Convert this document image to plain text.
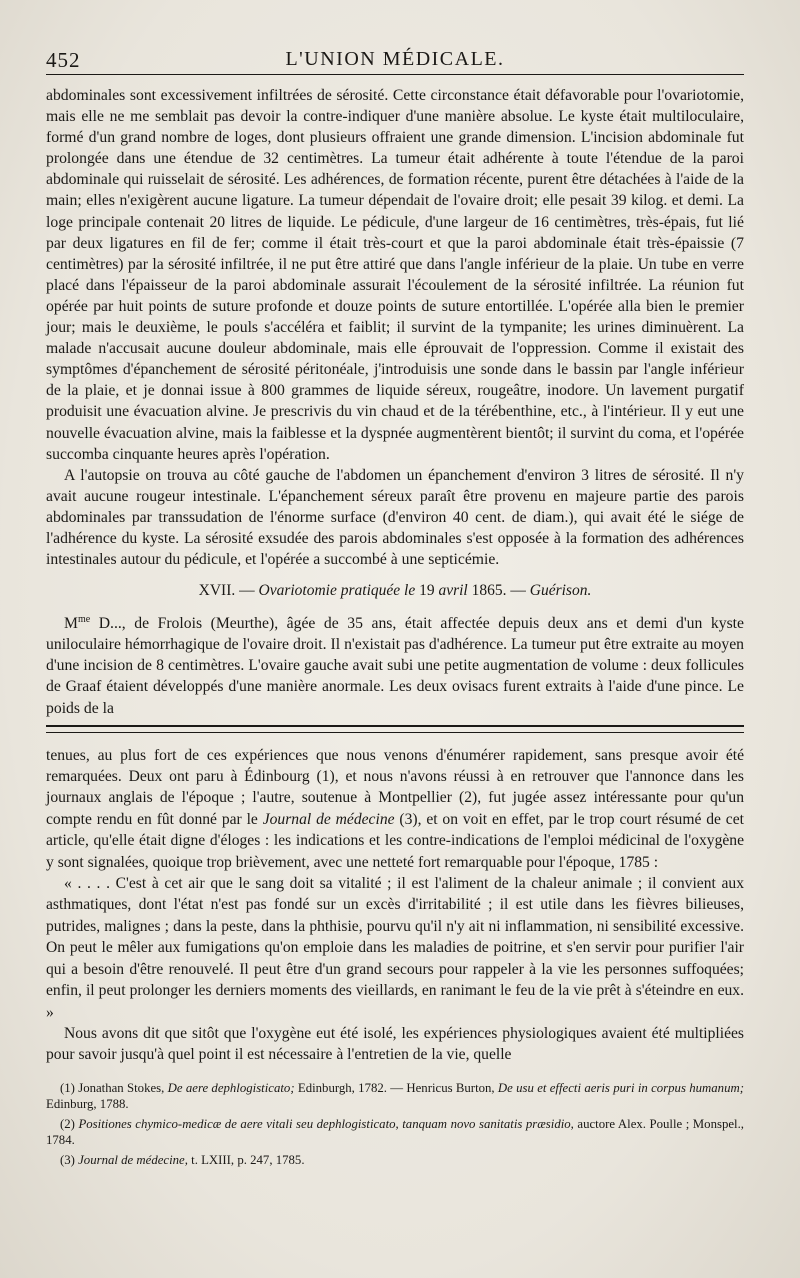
452	L'UNION MÉDICALE.

abdominales sont excessivement infiltrées de sérosité. Cette circonstance était défavorable pour l'ovariotomie, mais elle ne me semblait pas devoir la contre-indiquer d'une manière absolue. Le kyste était multiloculaire, formé d'un grand nombre de loges, dont plusieurs offraient une grande dimension. L'incision abdominale fut prolongée dans une étendue de 32 centimètres. La tumeur était adhérente à toute l'étendue de la paroi abdominale qui ruisselait de sérosité. Les adhérences, de formation récente, purent être détachées à l'aide de la main; elles n'exigèrent aucune ligature. La tumeur dépendait de l'ovaire droit; elle pesait 39 kilog. et demi. La loge principale contenait 20 litres de liquide. Le pédicule, d'une largeur de 16 centimètres, très-épais, fut lié par deux ligatures en fil de fer; comme il était très-court et que la paroi abdominale était très-épaissie (7 centimètres) par la sérosité infiltrée, il ne put être attiré que dans l'angle inférieur de la plaie. Un tube en verre placé dans l'épaisseur de la paroi abdominale assurait l'écoulement de la sérosité infiltrée. La réunion fut opérée par huit points de suture profonde et douze points de suture entortillée. L'opérée alla bien le premier jour; mais le deuxième, le pouls s'accéléra et faiblit; il survint de la tympanite; les urines diminuèrent. La malade n'accusait aucune douleur abdominale, mais elle éprouvait de l'oppression. Comme il existait des symptômes d'épanchement de sérosité péritonéale, j'introduisis une sonde dans le bassin par l'angle inférieur de la plaie, et je donnai issue à 800 grammes de liquide séreux, rougeâtre, inodore. Un lavement purgatif produisit une évacuation alvine. Je prescrivis du vin chaud et de la térébenthine, etc., à l'intérieur. Il y eut une nouvelle évacuation alvine, mais la faiblesse et la dyspnée augmentèrent bientôt; il survint du coma, et l'opérée succomba cinquante heures après l'opération.

A l'autopsie on trouva au côté gauche de l'abdomen un épanchement d'environ 3 litres de sérosité. Il n'y avait aucune rougeur intestinale. L'épanchement séreux paraît être provenu en majeure partie des parois abdominales par transsudation de l'énorme surface (d'environ 40 cent. de diam.), qui avait été le siége de l'adhérence du kyste. La sérosité exsudée des parois abdominales s'est opposée à la formation des adhérences intestinales autour du pédicule, et l'opérée a succombé à une septicémie.

XVII. — Ovariotomie pratiquée le 19 avril 1865. — Guérison.

$M^{me}$ D..., de Frolois (Meurthe), âgée de 35 ans, était affectée depuis deux ans et demi d'un kyste uniloculaire hémorrhagique de l'ovaire droit. Il n'existait pas d'adhérence. La tumeur put être extraite au moyen d'une incision de 8 centimètres. L'ovaire gauche avait subi une petite augmentation de volume : deux follicules de Graaf étaient développés d'une manière anormale. Les deux ovisacs furent extraits à l'aide d'une pince. Le poids de la

tenues, au plus fort de ces expériences que nous venons d'énumérer rapidement, sans presque avoir été remarquées. Deux ont paru à Édinbourg (1), et nous n'avons réussi à en retrouver que l'annonce dans les journaux anglais de l'époque ; l'autre, soutenue à Montpellier (2), fut jugée assez intéressante pour qu'un compte rendu en fût donné par le Journal de médecine (3), et on voit en effet, par le trop court résumé de cet article, qu'elle était digne d'éloges : les indications et les contre-indications de l'emploi médicinal de l'oxygène y sont signalées, quoique trop brièvement, avec une netteté fort remarquable pour l'époque, 1785 :

« . . . . C'est à cet air que le sang doit sa vitalité ; il est l'aliment de la chaleur animale ; il convient aux asthmatiques, dont l'état n'est pas fondé sur un excès d'irritabilité ; il est utile dans les fièvres bilieuses, putrides, malignes ; dans la peste, dans la phthisie, pourvu qu'il n'y ait ni inflammation, ni sensibilité excessive. On peut le mêler aux fumigations qu'on emploie dans les maladies de poitrine, et s'en servir pour purifier l'air qui a besoin d'être renouvelé. Il peut être d'un grand secours pour rappeler à la vie les personnes suffoquées; enfin, il peut prolonger les derniers moments des vieillards, en ranimant le feu de la vie prêt à s'éteindre en eux. »

Nous avons dit que sitôt que l'oxygène eut été isolé, les expériences physiologiques avaient été multipliées pour savoir jusqu'à quel point il est nécessaire à l'entretien de la vie, quelle

(1) Jonathan Stokes, De aere dephlogisticato; Edinburgh, 1782. — Henricus Burton, De usu et effecti aeris puri in corpus humanum; Edinburg, 1788.

(2) Positiones chymico-medicæ de aere vitali seu dephlogisticato, tanquam novo sanitatis præsidio, auctore Alex. Poulle ; Monspel., 1784.

(3) Journal de médecine, t. LXIII, p. 247, 1785.
